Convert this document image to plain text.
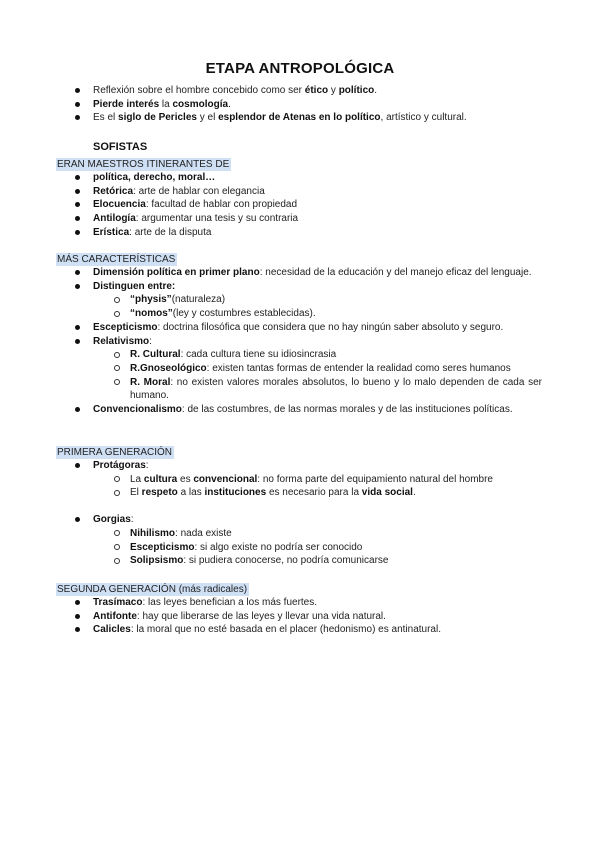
ETAPA ANTROPOLÓGICA
Reflexión sobre el hombre concebido como ser ético y político.
Pierde interés la cosmología.
Es el siglo de Pericles y el esplendor de Atenas en lo político, artístico y cultural.
SOFISTAS
ERAN MAESTROS ITINERANTES DE
política, derecho, moral…
Retórica: arte de hablar con elegancia
Elocuencia: facultad de hablar con propiedad
Antilogía: argumentar una tesis y su contraria
Erística: arte de la disputa
MÁS CARACTERÍSTICAS
Dimensión política en primer plano: necesidad de la educación y del manejo eficaz del lenguaje.
Distinguen entre:
“physis”(naturaleza)
“nomos”(ley y costumbres establecidas).
Escepticismo: doctrina filosófica que considera que no hay ningún saber absoluto y seguro.
Relativismo:
R. Cultural: cada cultura tiene su idiosincrasia
R.Gnoseológico: existen tantas formas de entender la realidad como seres humanos
R. Moral: no existen valores morales absolutos, lo bueno y lo malo dependen de cada ser humano.
Convencionalismo: de las costumbres, de las normas morales y de las instituciones políticas.
PRIMERA GENERACIÓN
Protágoras:
La cultura es convencional: no forma parte del equipamiento natural del hombre
El respeto a las instituciones es necesario para la vida social.
Gorgias:
Nihilismo: nada existe
Escepticismo: si algo existe no podría ser conocido
Solipsismo: si pudiera conocerse, no podría comunicarse
SEGUNDA GENERACIÓN (más radicales)
Trasímaco: las leyes benefician a los más fuertes.
Antifonte: hay que liberarse de las leyes y llevar una vida natural.
Calicles: la moral que no esté basada en el placer (hedonismo) es antinatural.
